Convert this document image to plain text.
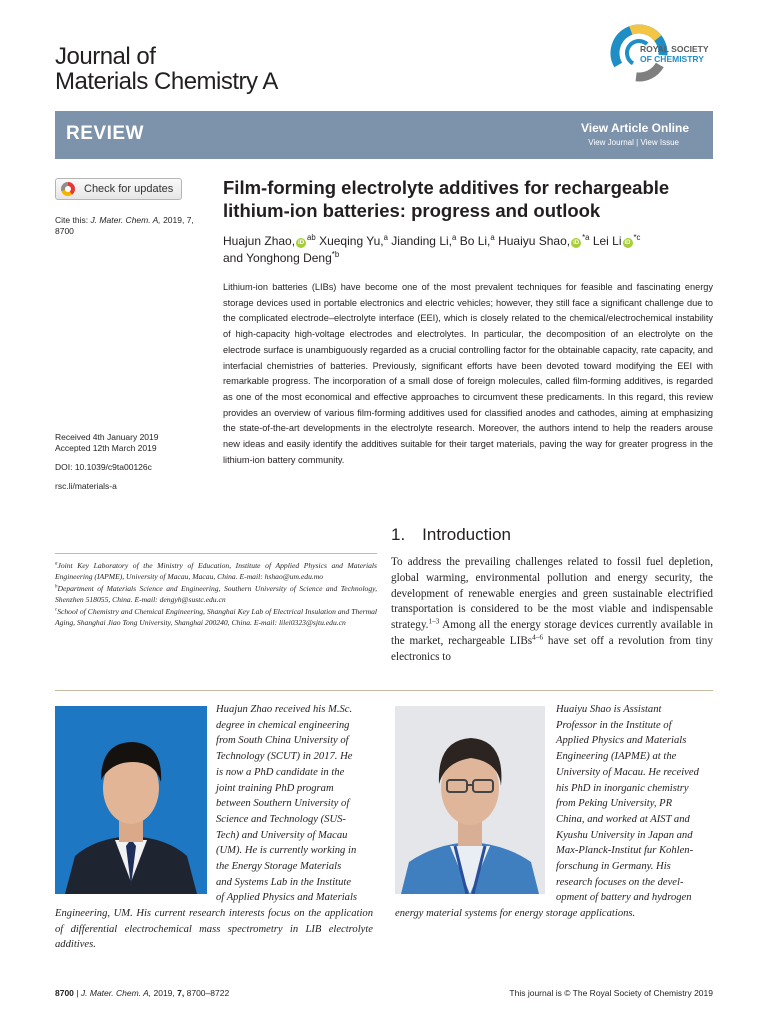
Journal of
Materials Chemistry A
ROYAL SOCIETY
OF CHEMISTRY
REVIEW	View Article Online
View Journal | View Issue
Check for updates
Cite this: J. Mater. Chem. A, 2019, 7,
8700
Received 4th January 2019
Accepted 12th March 2019
DOI: 10.1039/c9ta00126c
rsc.li/materials-a
Film-forming electrolyte additives for rechargeable lithium-ion batteries: progress and outlook
Huajun Zhao, $iD^{ab}$ Xueqing Yu,$^a$ Jianding Li,$^a$ Bo Li,$^a$ Huaiyu Shao, $iD^{*a}$ Lei Li $iD^{*c}$
and Yonghong Deng$^{*b}$
Lithium-ion batteries (LIBs) have become one of the most prevalent techniques for feasible and fascinating energy storage devices used in portable electronics and electric vehicles; however, they still face a significant challenge due to the complicated electrode–electrolyte interface (EEI), which is closely related to the chemical/electrochemical instability of high-capacity high-voltage electrodes and electrolytes. In particular, the decomposition of an electrolyte on the electrode surface is unambiguously regarded as a crucial controlling factor for the obtainable capacity, rate capacity, and interfacial chemistries of batteries. Previously, significant efforts have been devoted toward modifying the EEI with remarkable progress. The incorporation of a small dose of foreign molecules, called film-forming additives, is regarded as one of the most economical and effective approaches to circumvent these predicaments. In this regard, this review provides an overview of various film-forming additives used for classified anodes and cathodes, aiming at emphasizing the state-of-the-art developments in the electrolyte research. Moreover, the authors intend to help the readers arouse new ideas and easily identify the additives suitable for their target materials, paving the way for greater progress in the lithium-ion battery community.
1. Introduction
To address the prevailing challenges related to fossil fuel depletion, global warming, environmental pollution and energy security, the development of renewable energies and green sustainable electrified transportation is considered to be the most viable and indispensable strategy.$^{1-3}$ Among all the energy storage devices currently available in the market, rechargeable LIBs$^{4-6}$ have set off a revolution from tiny electronics to
$^a$Joint Key Laboratory of the Ministry of Education, Institute of Applied Physics and Materials Engineering (IAPME), University of Macau, Macau, China. E-mail: hshao@um.edu.mo
$^b$Department of Materials Science and Engineering, Southern University of Science and Technology, Shenzhen 518055, China. E-mail: dengyh@sustc.edu.cn
$^c$School of Chemistry and Chemical Engineering, Shanghai Key Lab of Electrical Insulation and Thermal Aging, Shanghai Jiao Tong University, Shanghai 200240, China. E-mail: lilei0323@sjtu.edu.cn
Huajun Zhao received his M.Sc.
degree in chemical engineering
from South China University of
Technology (SCUT) in 2017. He
is now a PhD candidate in the
joint training PhD program
between Southern University of
Science and Technology (SUS-
Tech) and University of Macau
(UM). He is currently working in
the Energy Storage Materials
and Systems Lab in the Institute
of Applied Physics and Materials
Engineering, UM. His current research interests focus on the application of differential electrochemical mass spectrometry in LIB electrolyte additives.
Huaiyu Shao is Assistant
Professor in the Institute of
Applied Physics and Materials
Engineering (IAPME) at the
University of Macau. He received
his PhD in inorganic chemistry
from Peking University, PR
China, and worked at AIST and
Kyushu University in Japan and
Max-Planck-Institut fur Kohlen-
forschung in Germany. His
research focuses on the devel-
opment of battery and hydrogen
energy material systems for energy storage applications.
8700 | J. Mater. Chem. A, 2019, 7, 8700–8722	This journal is © The Royal Society of Chemistry 2019
